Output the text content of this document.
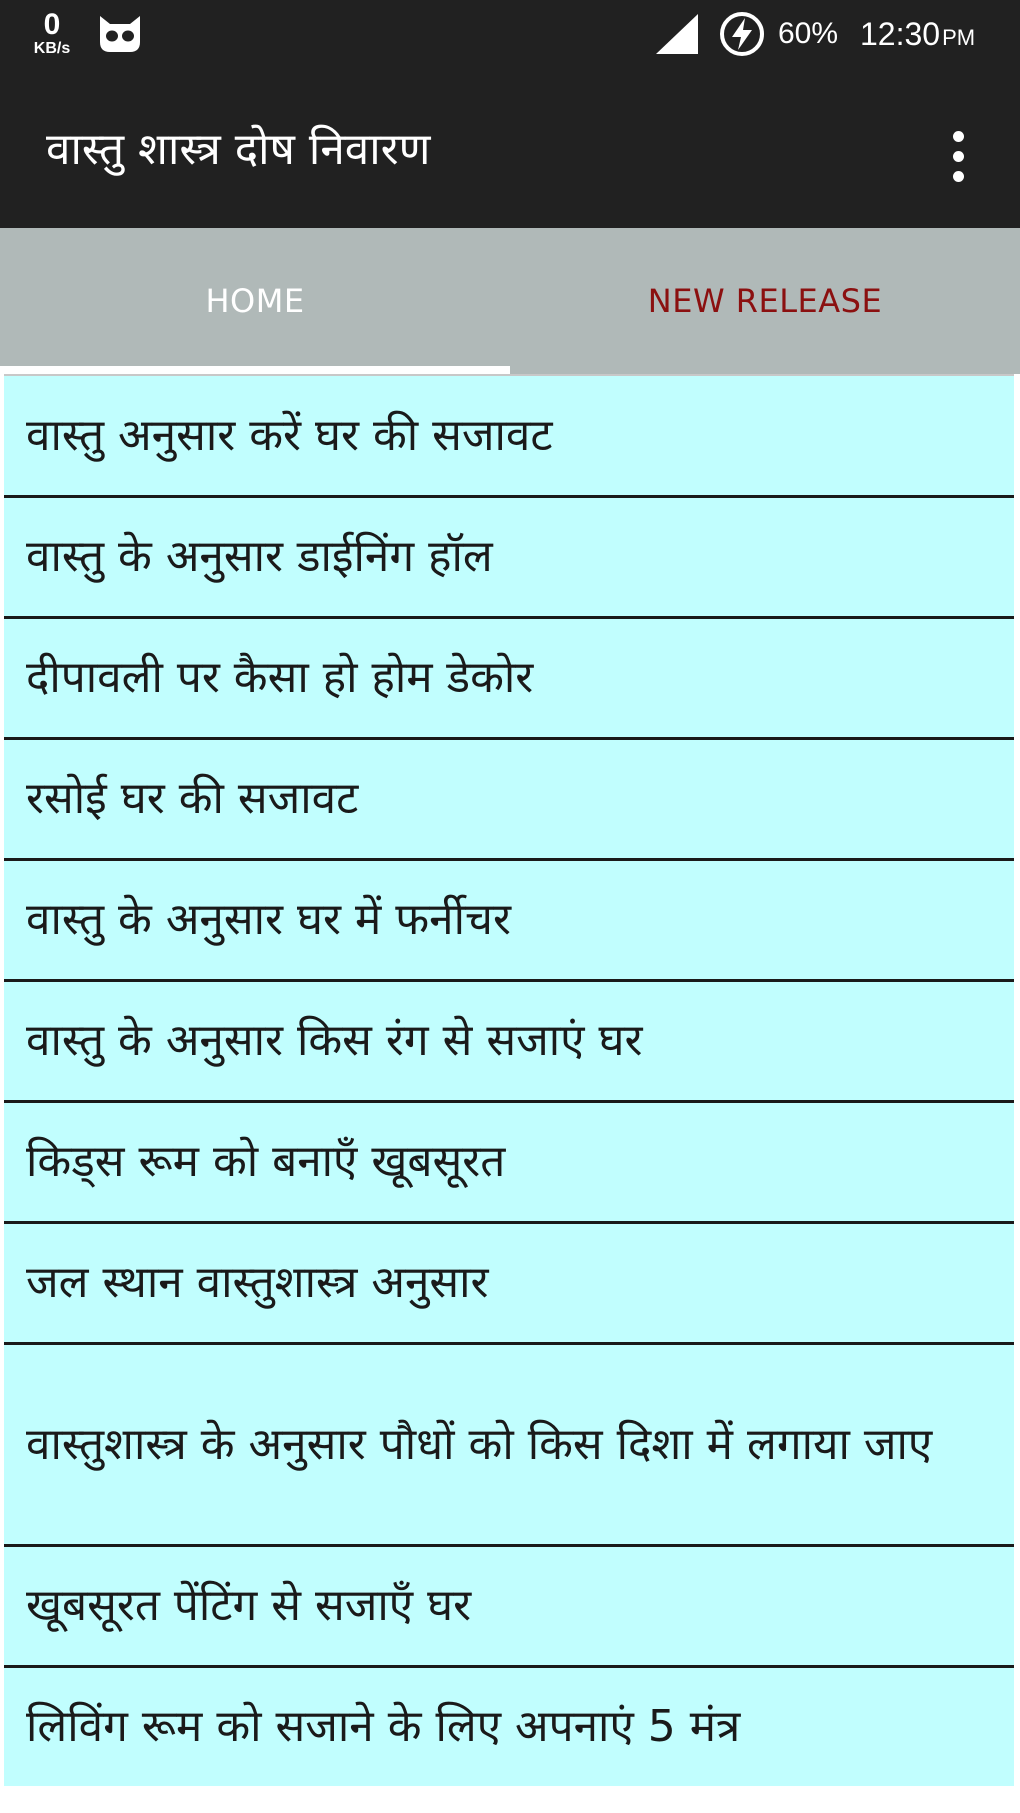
0
KB/s	60% 12:30PM
वास्तु शास्त्र दोष निवारण
HOME	NEW RELEASE
वास्तु अनुसार करें घर की सजावट
वास्तु के अनुसार डाईनिंग हॉल
दीपावली पर कैसा हो होम डेकोर
रसोई घर की सजावट
वास्तु के अनुसार घर में फर्नीचर
वास्तु के अनुसार किस रंग से सजाएं घर
किड्स रूम को बनाएँ खूबसूरत
जल स्थान वास्तुशास्त्र अनुसार
वास्तुशास्त्र के अनुसार पौधों को किस दिशा में लगाया जाए
खूबसूरत पेंटिंग से सजाएँ घर
लिविंग रूम को सजाने के लिए अपनाएं 5 मंत्र
